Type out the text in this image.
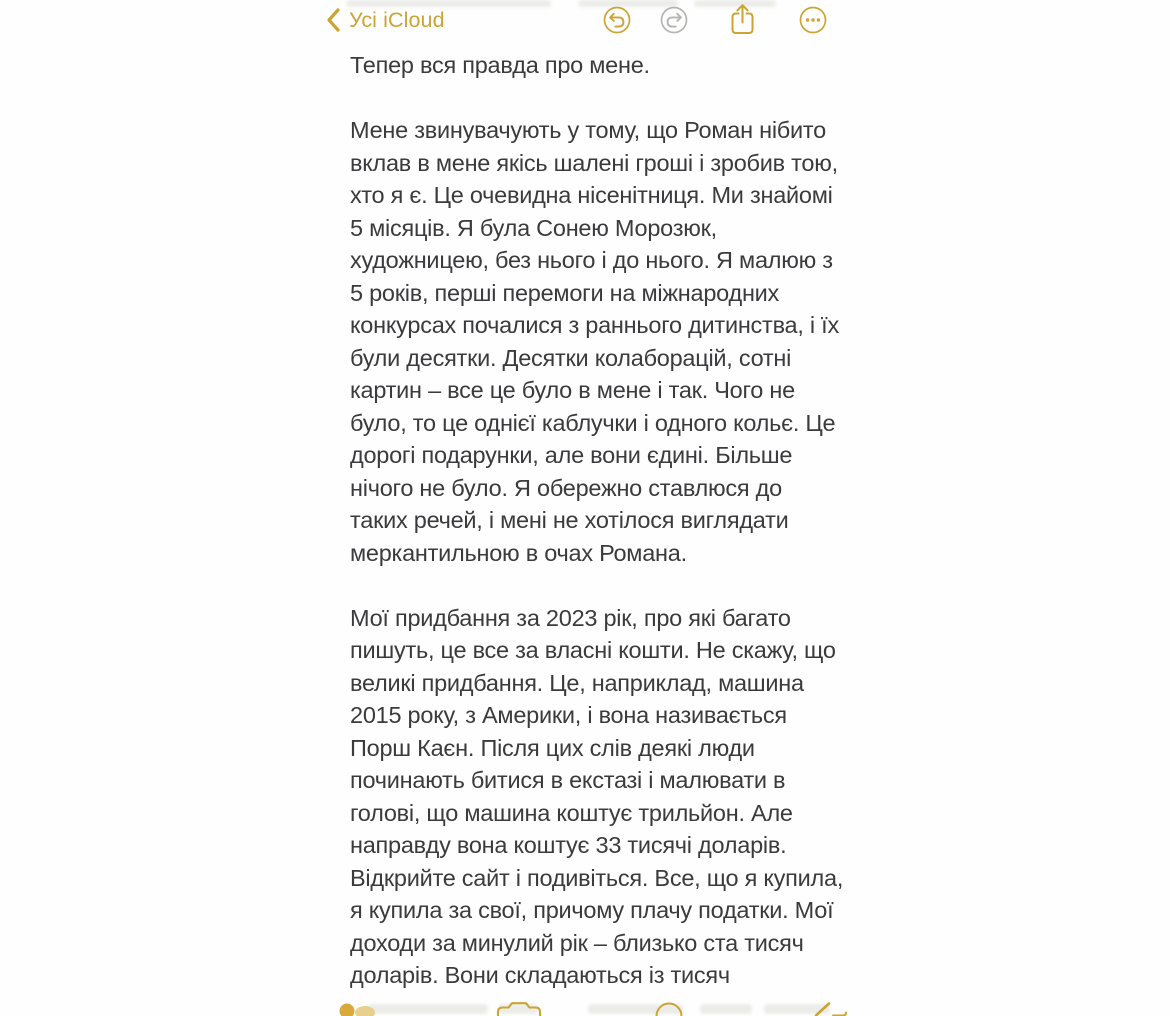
Усі iCloud
Тепер вся правда про мене.
Мене звинувачують у тому, що Роман нібито
вклав в мене якісь шалені гроші і зробив тою,
хто я є. Це очевидна нісенітниця. Ми знайомі
5 місяців. Я була Сонею Морозюк,
художницею, без нього і до нього. Я малюю з
5 років, перші перемоги на міжнародних
конкурсах почалися з раннього дитинства, і їх
були десятки. Десятки колаборацій, сотні
картин – все це було в мене і так. Чого не
було, то це однієї каблучки і одного кольє. Це
дорогі подарунки, але вони єдині. Більше
нічого не було. Я обережно ставлюся до
таких речей, і мені не хотілося виглядати
меркантильною в очах Романа.
Мої придбання за 2023 рік, про які багато
пишуть, це все за власні кошти. Не скажу, що
великі придбання. Це, наприклад, машина
2015 року, з Америки, і вона називається
Порш Каєн. Після цих слів деякі люди
починають битися в екстазі і малювати в
голові, що машина коштує трильйон. Але
направду вона коштує 33 тисячі доларів.
Відкрийте сайт і подивіться. Все, що я купила,
я купила за свої, причому плачу податки. Мої
доходи за минулий рік – близько ста тисяч
доларів. Вони складаються із тисяч
